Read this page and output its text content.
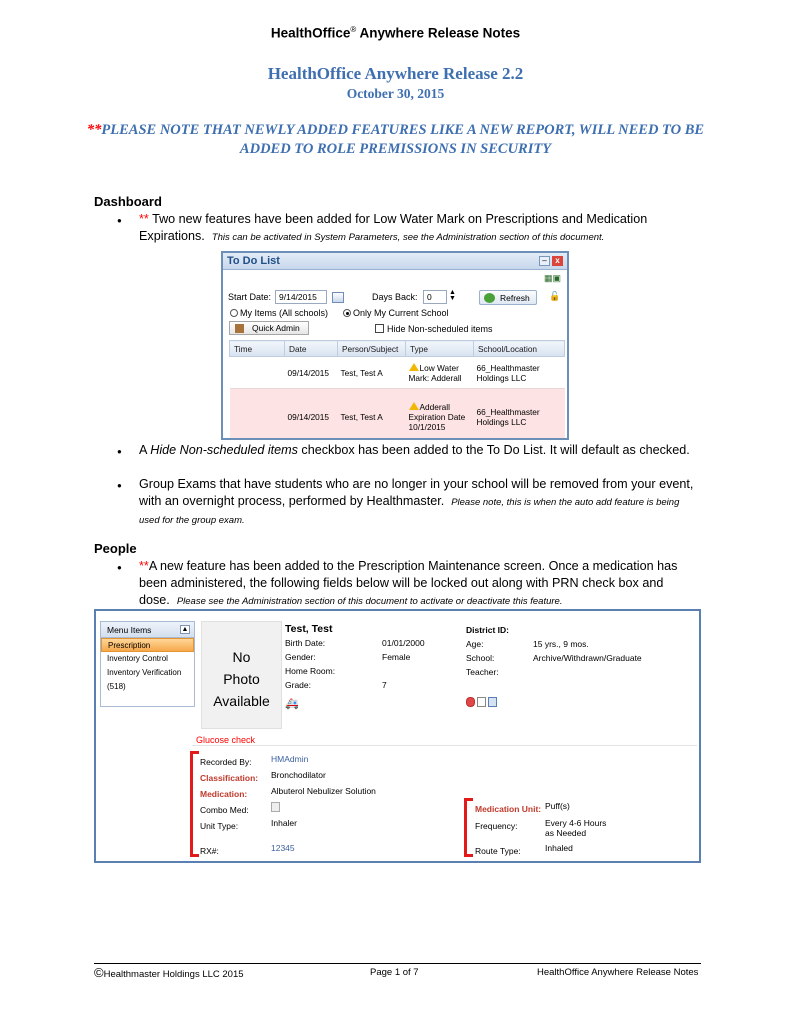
HealthOffice® Anywhere Release Notes
HealthOffice Anywhere Release 2.2
October 30, 2015
**PLEASE NOTE THAT NEWLY ADDED FEATURES LIKE A NEW REPORT, WILL NEED TO BE ADDED TO ROLE PREMISSIONS IN SECURITY
Dashboard
● ** Two new features have been added for Low Water Mark on Prescriptions and Medication Expirations. This can be activated in System Parameters, see the Administration section of this document.
To Do List	–	x
▦▣
Start Date: 9/14/2015	Days Back:	0	▲
▼	Refresh	🔓
My Items (All schools)	Only My Current School
Quick Admin	Hide Non-scheduled items
Time	Date	Person/Subject	Type	School/Location
	09/14/2015	Test, Test A	Low Water Mark: Adderall	66_Healthmaster Holdings LLC
	09/14/2015	Test, Test A	Adderall Expiration Date 10/1/2015	66_Healthmaster Holdings LLC
● A Hide Non-scheduled items checkbox has been added to the To Do List. It will default as checked.
● Group Exams that have students who are no longer in your school will be removed from your event, with an overnight process, performed by Healthmaster. Please note, this is when the auto add feature is being used for the group exam.
People
● **A new feature has been added to the Prescription Maintenance screen. Once a medication has been administered, the following fields below will be locked out along with PRN check box and dose. Please see the Administration section of this document to activate or deactivate this feature.
Menu Items	▲
Prescription
Inventory Control
Inventory Verification
(518)
No
Photo
Available
Test, Test
Birth Date:	01/01/2000
Gender:	Female
Home Room:
Grade:	7
🚑
District ID:
Age:	15 yrs., 9 mos.
School:	Archive/Withdrawn/Graduate
Teacher:
Glucose check
Recorded By: HMAdmin
Classification: Bronchodilator
Medication:	Albuterol Nebulizer Solution
Combo Med:
Unit Type:	Inhaler
RX#:	12345
Medication Unit: Puff(s)
Frequency:	Every 4-6 Hours
as Needed
Route Type:	Inhaled
©Healthmaster Holdings LLC 2015	Page 1 of 7	HealthOffice Anywhere Release Notes
